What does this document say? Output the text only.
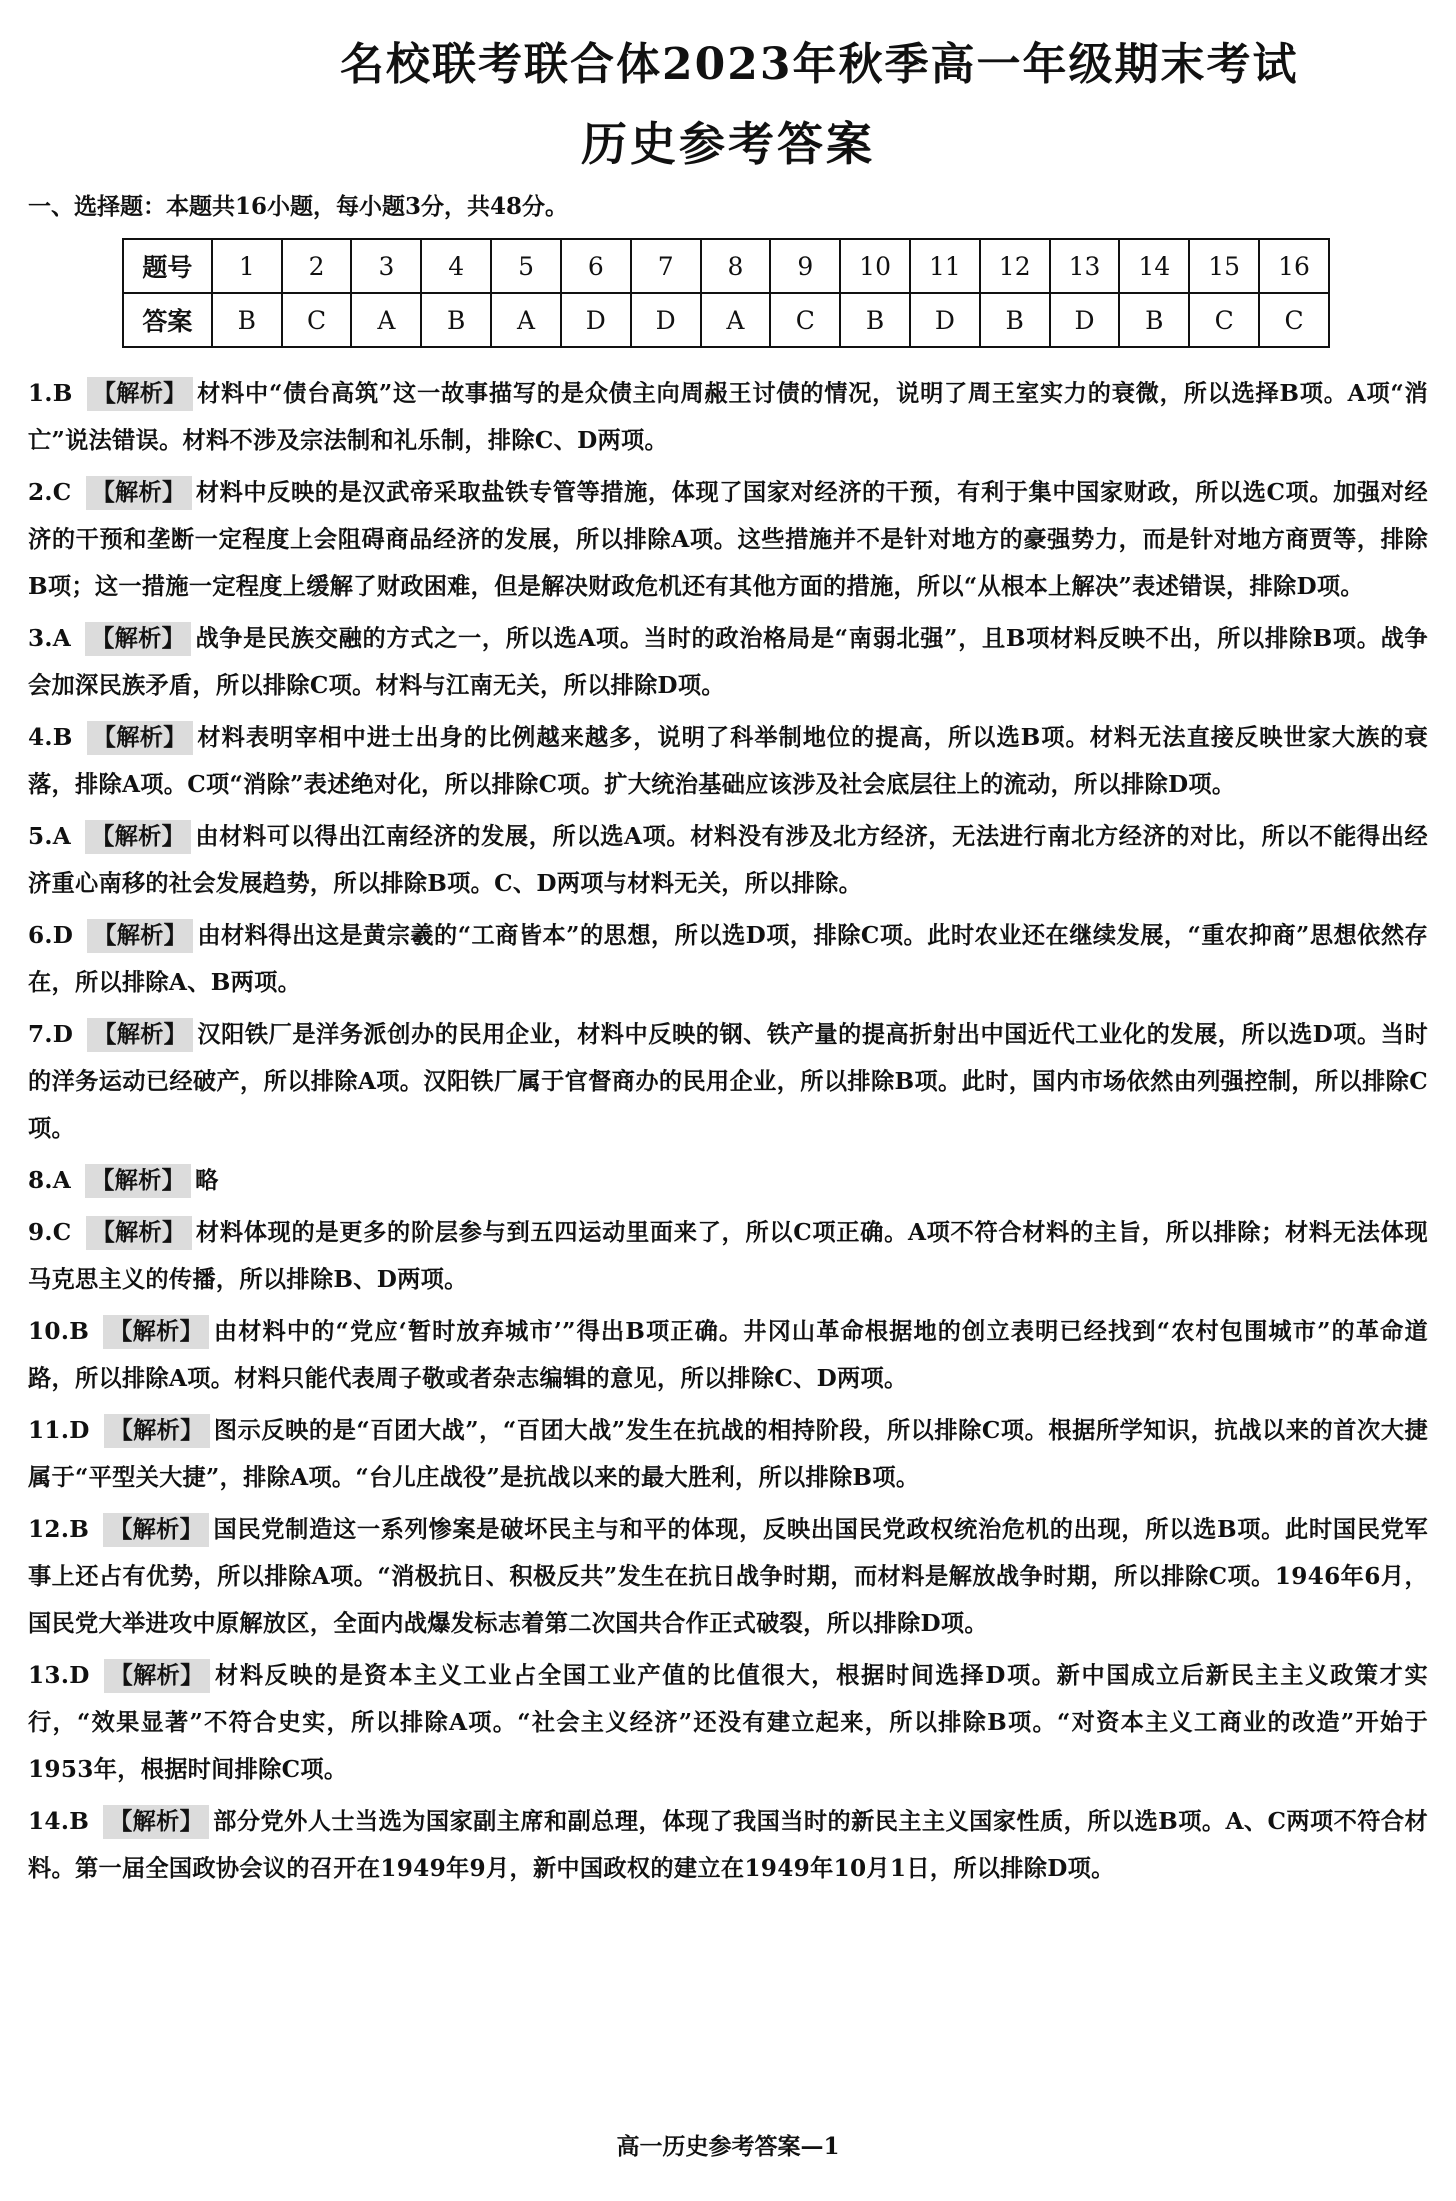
名校联考联合体2023年秋季高一年级期末考试
历史参考答案
一、选择题：本题共16小题，每小题3分，共48分。
题号	1	2	3	4	5	6	7	8	9	10	11	12	13	14	15	16
答案	B	C	A	B	A	D	D	A	C	B	D	B	D	B	C	C
1.B 【解析】 材料中“债台高筑”这一故事描写的是众债主向周赧王讨债的情况，说明了周王室实力的衰微，所以选择B项。A项“消亡”说法错误。材料不涉及宗法制和礼乐制，排除C、D两项。
2.C 【解析】 材料中反映的是汉武帝采取盐铁专管等措施，体现了国家对经济的干预，有利于集中国家财政，所以选C项。加强对经济的干预和垄断一定程度上会阻碍商品经济的发展，所以排除A项。这些措施并不是针对地方的豪强势力，而是针对地方商贾等，排除B项；这一措施一定程度上缓解了财政困难，但是解决财政危机还有其他方面的措施，所以“从根本上解决”表述错误，排除D项。
3.A 【解析】 战争是民族交融的方式之一，所以选A项。当时的政治格局是“南弱北强”，且B项材料反映不出，所以排除B项。战争会加深民族矛盾，所以排除C项。材料与江南无关，所以排除D项。
4.B 【解析】 材料表明宰相中进士出身的比例越来越多，说明了科举制地位的提高，所以选B项。材料无法直接反映世家大族的衰落，排除A项。C项“消除”表述绝对化，所以排除C项。扩大统治基础应该涉及社会底层往上的流动，所以排除D项。
5.A 【解析】 由材料可以得出江南经济的发展，所以选A项。材料没有涉及北方经济，无法进行南北方经济的对比，所以不能得出经济重心南移的社会发展趋势，所以排除B项。C、D两项与材料无关，所以排除。
6.D 【解析】 由材料得出这是黄宗羲的“工商皆本”的思想，所以选D项，排除C项。此时农业还在继续发展，“重农抑商”思想依然存在，所以排除A、B两项。
7.D 【解析】 汉阳铁厂是洋务派创办的民用企业，材料中反映的钢、铁产量的提高折射出中国近代工业化的发展，所以选D项。当时的洋务运动已经破产，所以排除A项。汉阳铁厂属于官督商办的民用企业，所以排除B项。此时，国内市场依然由列强控制，所以排除C项。
8.A 【解析】 略
9.C 【解析】 材料体现的是更多的阶层参与到五四运动里面来了，所以C项正确。A项不符合材料的主旨，所以排除；材料无法体现马克思主义的传播，所以排除B、D两项。
10.B 【解析】 由材料中的“党应‘暂时放弃城市’”得出B项正确。井冈山革命根据地的创立表明已经找到“农村包围城市”的革命道路，所以排除A项。材料只能代表周子敬或者杂志编辑的意见，所以排除C、D两项。
11.D 【解析】 图示反映的是“百团大战”，“百团大战”发生在抗战的相持阶段，所以排除C项。根据所学知识，抗战以来的首次大捷属于“平型关大捷”，排除A项。“台儿庄战役”是抗战以来的最大胜利，所以排除B项。
12.B 【解析】 国民党制造这一系列惨案是破坏民主与和平的体现，反映出国民党政权统治危机的出现，所以选B项。此时国民党军事上还占有优势，所以排除A项。“消极抗日、积极反共”发生在抗日战争时期，而材料是解放战争时期，所以排除C项。1946年6月，国民党大举进攻中原解放区，全面内战爆发标志着第二次国共合作正式破裂，所以排除D项。
13.D 【解析】 材料反映的是资本主义工业占全国工业产值的比值很大，根据时间选择D项。新中国成立后新民主主义政策才实行，“效果显著”不符合史实，所以排除A项。“社会主义经济”还没有建立起来，所以排除B项。“对资本主义工商业的改造”开始于1953年，根据时间排除C项。
14.B 【解析】 部分党外人士当选为国家副主席和副总理，体现了我国当时的新民主主义国家性质，所以选B项。A、C两项不符合材料。第一届全国政协会议的召开在1949年9月，新中国政权的建立在1949年10月1日，所以排除D项。
高一历史参考答案—1
